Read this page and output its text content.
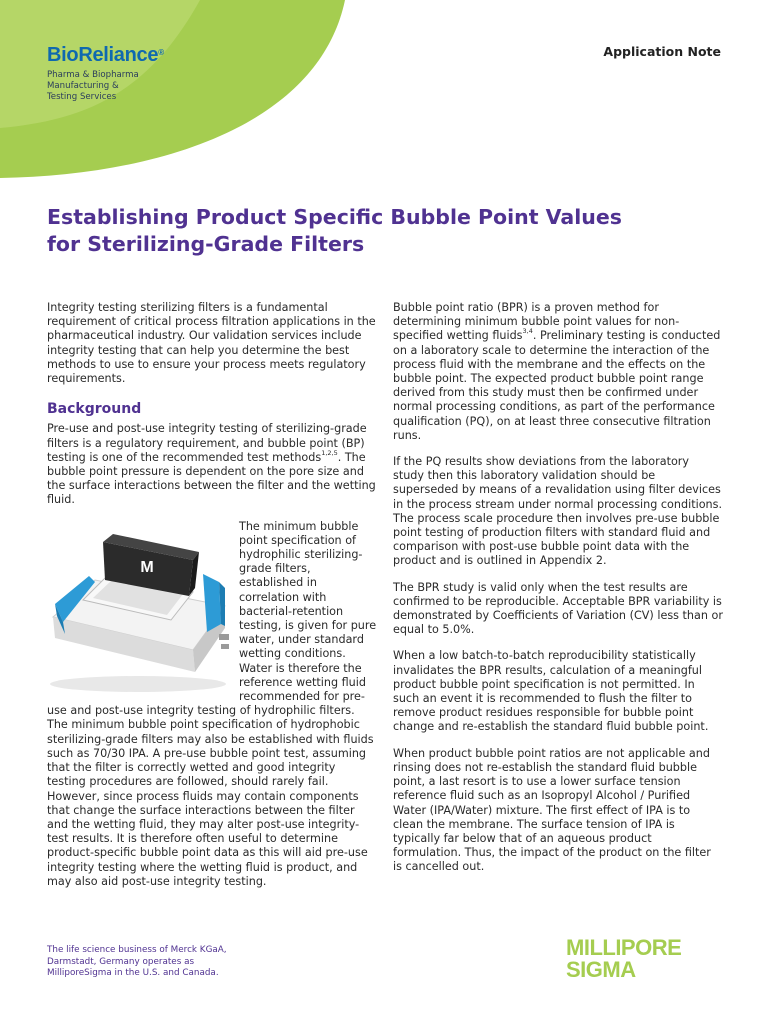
BioReliance®
Pharma & Biopharma
Manufacturing &
Testing Services
Application Note
Establishing Product Specific Bubble Point Values
for Sterilizing-Grade Filters

Integrity testing sterilizing filters is a fundamental requirement of critical process filtration applications in the pharmaceutical industry. Our validation services include integrity testing that can help you determine the best methods to use to ensure your process meets regulatory requirements.

Background

Pre-use and post-use integrity testing of sterilizing-grade filters is a regulatory requirement, and bubble point (BP) testing is one of the recommended test methods$^{1,2,5}$. The bubble point pressure is dependent on the pore size and the surface interactions between the filter and the wetting fluid.

M

The minimum bubble point specification of hydrophilic sterilizing-grade filters, established in correlation with bacterial-retention testing, is given for pure water, under standard wetting conditions. Water is therefore the reference wetting fluid recommended for pre-use and post-use integrity testing of hydrophilic filters. The minimum bubble point specification of hydrophobic sterilizing-grade filters may also be established with fluids such as 70/30 IPA. A pre-use bubble point test, assuming that the filter is correctly wetted and good integrity testing procedures are followed, should rarely fail. However, since process fluids may contain components that change the surface interactions between the filter and the wetting fluid, they may alter post-use integrity-test results. It is therefore often useful to determine product-specific bubble point data as this will aid pre-use integrity testing where the wetting fluid is product, and may also aid post-use integrity testing.

Bubble point ratio (BPR) is a proven method for determining minimum bubble point values for non-specified wetting fluids$^{3,4}$. Preliminary testing is conducted on a laboratory scale to determine the interaction of the process fluid with the membrane and the effects on the bubble point. The expected product bubble point range derived from this study must then be confirmed under normal processing conditions, as part of the performance qualification (PQ), on at least three consecutive filtration runs.

If the PQ results show deviations from the laboratory study then this laboratory validation should be superseded by means of a revalidation using filter devices in the process stream under normal processing conditions. The process scale procedure then involves pre-use bubble point testing of production filters with standard fluid and comparison with post-use bubble point data with the product and is outlined in Appendix 2.

The BPR study is valid only when the test results are confirmed to be reproducible. Acceptable BPR variability is demonstrated by Coefficients of Variation (CV) less than or equal to 5.0%.

When a low batch-to-batch reproducibility statistically invalidates the BPR results, calculation of a meaningful product bubble point specification is not permitted. In such an event it is recommended to flush the filter to remove product residues responsible for bubble point change and re-establish the standard fluid bubble point.

When product bubble point ratios are not applicable and rinsing does not re-establish the standard fluid bubble point, a last resort is to use a lower surface tension reference fluid such as an Isopropyl Alcohol / Purified Water (IPA/Water) mixture. The first effect of IPA is to clean the membrane. The surface tension of IPA is typically far below that of an aqueous product formulation. Thus, the impact of the product on the filter is cancelled out.

The life science business of Merck KGaA,
Darmstadt, Germany operates as
MilliporeSigma in the U.S. and Canada.
MILLIPORE
SIGMA
